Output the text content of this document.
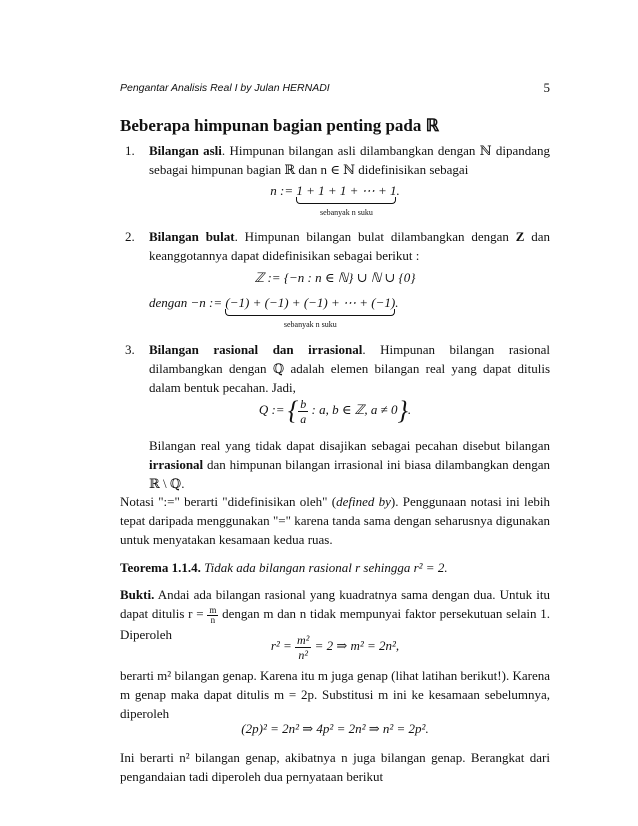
Pengantar Analisis Real I by Julan HERNADI	5
Beberapa himpunan bagian penting pada ℝ
1. Bilangan asli. Himpunan bilangan asli dilambangkan dengan ℕ dipandang sebagai himpunan bagian ℝ dan n ∈ ℕ didefinisikan sebagai
n := 1 + 1 + 1 + ⋯ + 1
sebanyak n suku
.
2. Bilangan bulat. Himpunan bilangan bulat dilambangkan dengan Z dan keanggotannya dapat didefinisikan sebagai berikut :
ℤ := {−n : n ∈ ℕ} ∪ ℕ ∪ {0}
dengan −n := (−1) + (−1) + (−1) + ⋯ + (−1)
sebanyak n suku
.
3. Bilangan rasional dan irrasional. Himpunan bilangan rasional dilambangkan dengan ℚ adalah elemen bilangan real yang dapat ditulis dalam bentuk pecahan. Jadi,
Q := { $\frac{b}{a}$ : a, b ∈ ℤ, a ≠ 0}.
Bilangan real yang tidak dapat disajikan sebagai pecahan disebut bilangan irrasional dan himpunan bilangan irrasional ini biasa dilambangkan dengan ℝ \ ℚ.
Notasi ":=" berarti "didefinisikan oleh" (defined by). Penggunaan notasi ini lebih tepat daripada menggunakan "=" karena tanda sama dengan seharusnya digunakan untuk menyatakan kesamaan kedua ruas.
Teorema 1.1.4. Tidak ada bilangan rasional r sehingga r² = 2.
Bukti. Andai ada bilangan rasional yang kuadratnya sama dengan dua. Untuk itu dapat ditulis $r = \frac{m}{n}$ dengan m dan n tidak mempunyai faktor persekutuan selain 1. Diperoleh
$r^2 = \frac{\text{m²}}{\text{n²}} = 2$ ⇒ m² = 2n²,
berarti m² bilangan genap. Karena itu m juga genap (lihat latihan berikut!). Karena m genap maka dapat ditulis m = 2p. Substitusi m ini ke kesamaan sebelumnya, diperoleh
(2p)² = 2n² ⇒ 4p² = 2n² ⇒ n² = 2p².
Ini berarti n² bilangan genap, akibatnya n juga bilangan genap. Berangkat dari pengandaian tadi diperoleh dua pernyataan berikut
